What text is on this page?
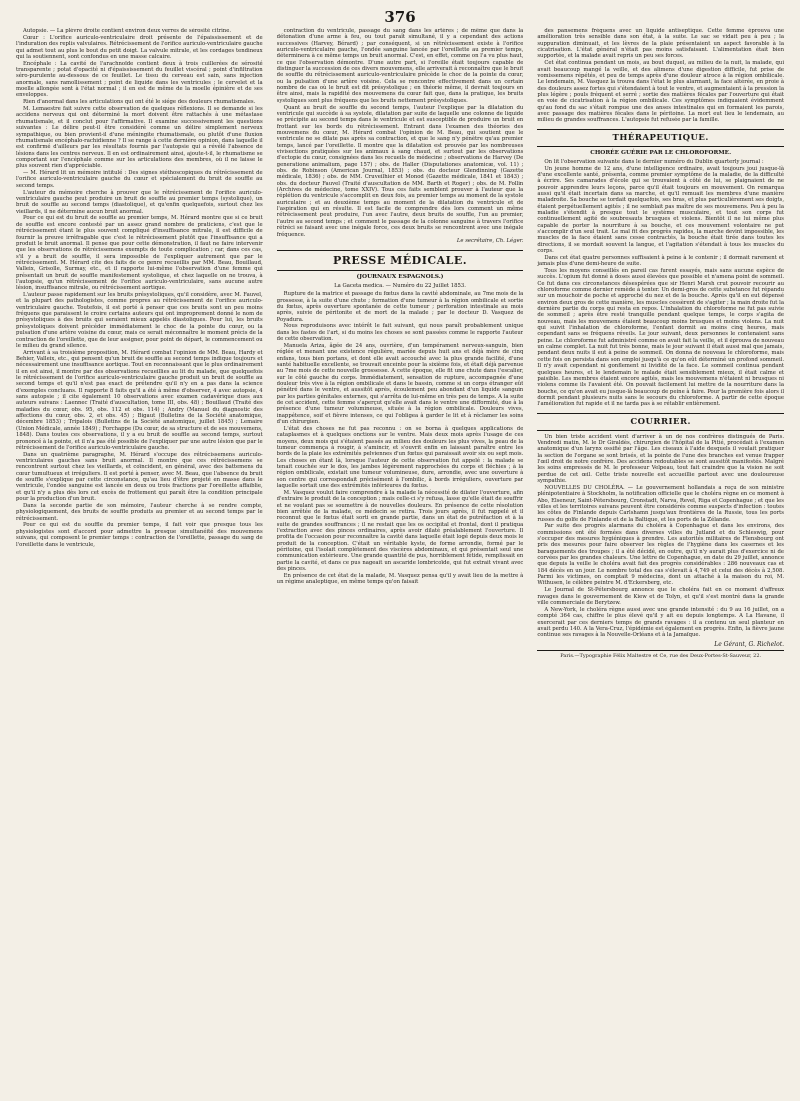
376

Autopsie. — La plèvre droite contient environ deux verres de sérosité citrine.

Cœur : L'orifice auriculo-ventriculaire droit présente de l'épaississement et de l'induration des replis valvulaires. Rétrécissement de l'orifice auriculo-ventriculaire gauche qui admet tout au plus le bout du petit doigt. La valvule mitrale, et les cordages tendineux qui la soutiennent, sont confondus en une masse calcaire.

Encéphale : La cavité de l'arachnoïde contient deux à trois cuillerées de sérosité transparente ; potat d'opacité ni d'épaississement du feuillet viscéral ; point d'infiltration séro-purulente au-dessous de ce feuillet. Le tissu du cerveau est sain, sans injection anormale, sans ramollissement ; point de liquide dans les ventricules ; le cervelet et la moelle allongée sont à l'état normal ; il en est de même de la moelle épinière et de ses enveloppes.

Rien d'anormal dans les articulations qui ont été le siége des douleurs rhumatismales.

M. Lemaestre fait suivre cette observation de quelques réflexions. Il se demande si les accidens nerveux qui ont déterminé la mort doivent être rattachés à une métastase rhumatismale, et il conclut pour l'affirmative. Il examine successivement les questions suivantes : Le délire peut-il être considéré comme un délire simplement nerveux sympathique, ou bien provient-il d'une méningite rhumatismale, ou plutôt d'une fluxion rhumatismale encéphalo-rachidienne ? Il se range à cette dernière opinion, dans laquelle il est confirmé d'ailleurs par les résultats fournis par l'autopsie qui a révélé l'absence de lésions dans les centres nerveux. Il en est ordinairement ainsi, ajoute-t-il, le rhumatisme se comportant sur l'encéphale comme sur les articulations des membres, où il ne laisse le plus souvent rien d'appréciable.

— M. Hérard lit un mémoire intitulé : Des signes stéthoscopiques du rétrécissement de l'orifice auriculo-ventriculaire gauche du cœur et spécialement du bruit de souffle au second temps.

L'auteur du mémoire cherche à prouver que le rétrécissement de l'orifice auriculo-ventriculaire gauche peut produire un bruit de souffle au premier temps (systolique), un bruit de souffle au second temps (diastolique), et qu'enfin quelquefois, surtout chez les vieillards, il ne détermine aucun bruit anormal.

Pour ce qui est du bruit de souffle au premier temps, M. Hérard montre que si ce bruit de souffle est encore contesté par un assez grand nombre de praticiens, c'est que le rétrécissement étant le plus souvent compliqué d'insuffisance mitrale, il est difficile de fournir la preuve irréfragable que c'est le rétrécissement plutôt que l'insuffisance qui a produit le bruit anormal. Il pense que pour cette démonstration, il faut ne faire intervenir que les observations de rétrécissemens exempts de toute complication ; car, dans ces cas, s'il y a bruit de souffle, il sera impossible de l'expliquer autrement que par le rétrécissement. M. Hérard cite des faits de ce genre recueillis par MM. Beau, Bouillaud, Valleix, Grisolle, Surmay, etc., et il rapporte lui-même l'observation d'une femme qui présentait un bruit de souffle manifestement systolique, et chez laquelle on ne trouva, à l'autopsie, qu'un rétrécissement de l'orifice auriculo-ventriculaire, sans aucune autre lésion, insuffisance mitrale, ou rétrécissement aortique.

L'auteur passe rapidement sur les bruits présystoliques, qu'il considère, avec M. Fauvel, et la plupart des pathologistes, comme propres au rétrécissement de l'orifice auriculo-ventriculaire gauche. Toutefois, il est porté à penser que ces bruits sont un peu moins fréquens que paraissent le croire certains auteurs qui ont improprement donné le nom de présystoliques à des bruits qui seraient mieux appelés diastoliques. Pour lui, les bruits présystoliques doivent précéder immédiatement le choc de la pointe du cœur, ou la pulsation d'une artère voisine du cœur, mais ce serait méconnaître le moment précis de la contraction de l'oreillette, que de leur assigner, pour point de départ, le commencement ou le milieu du grand silence.

Arrivant à sa troisième proposition, M. Hérard combat l'opinion de MM. Beau, Hardy et Behier, Valleix, etc., qui pensent qu'un bruit de souffle au second temps indique toujours et nécessairement une insuffisance aortique. Tout en reconnaissant que le plus ordinairement il en est ainsi, il montre par des observations recueillies au lit du malade, que quelquefois le rétrécissement de l'orifice auriculo-ventriculaire gauche produit un bruit de souffle au second temps et qu'il n'est pas exact de prétendre qu'il n'y en a pas dans la science d'exemples concluans. Il rapporte 8 faits qu'il a été à même d'observer, 4 avec autopsie, 4 sans autopsie ; il cite également 10 observations avec examen cadavérique dues aux auteurs suivans : Laennec (Traité d'auscultation, tome III, obs. 48) ; Bouillaud (Traité des maladies du cœur, obs. 95, obs. 112 et obs. 114) ; Andry (Manuel du diagnostic des affections du cœur, obs. 2, et obs. 45) ; Bigaut (Bulletins de la Société anatomique, décembre 1853) ; Tripalois (Bulletins de la Société anatomique, juillet 1845) ; Lemaire (Union Médicale, année 1849) ; Forchappe (Du cœur, de sa structure et de ses mouvemens, 1848). Dans toutes ces observations, il y a eu bruit de souffle au second temps, surtout prononcé à la pointe, et il n'a pas été possible de l'expliquer par une autre lésion que par le rétrécissement de l'orifice auriculo-ventriculaire gauche.

Dans un quatrième paragraphe, M. Hérard s'occupe des rétrécissemens auriculo-ventriculaires gauches sans bruit anormal. Il montre que ces rétrécissemens se rencontrent surtout chez les vieillards, et coïncident, en général, avec des battemens du cœur tumultueux et irréguliers. Il est porté à penser, avec M. Beau, que l'absence du bruit de souffle s'explique par cette circonstance, qu'au lieu d'être projeté en masse dans le ventricule, l'ondée sanguine est lancée en deux ou trois fractions par l'oreillette affaiblie, et qu'il n'y a plus dès lors cet excès de frottement qui paraît être la condition principale pour la production d'un bruit.

Dans la seconde partie de son mémoire, l'auteur cherche à se rendre compte, physiologiquement, des bruits de souffle produits au premier et au second temps par le rétrécissement.

Pour ce qui est du souffle du premier temps, il fait voir que presque tous les physiologistes sont d'accord pour admettre la presque simultanéité des mouvemens suivans, qui composent le premier temps : contraction de l'oreillette, passage du sang de l'oreillette dans le ventricule,

contraction du ventricule, passage du sang dans les artères ; de même que dans la détonation d'une arme à feu, ou tout paraît simultané, il y a cependant des actions successives (Harvey, Bérard) ; par conséquent, si un rétrécissement existe à l'orifice auriculo-ventriculaire gauche, l'ondée sanguine lancée par l'oreillette au premier temps, déterminera à ce même temps un bruit anormal. C'est, en effet, comme on l'a vu plus haut, ce que l'observation démontre. D'une autre part, si l'oreille était toujours capable de distinguer la succession de ces divers mouvemens, elle arriverait à reconnaître que le bruit de souffle du rétrécissement auriculo-ventriculaire précède le choc de la pointe du cœur, ou la pulsation d'une artère voisine. Cela se rencontre effectivement dans un certain nombre de cas où le bruit est dit présystolique ; en théorie même, il devrait toujours en être ainsi, mais la rapidité des mouvemens du cœur fait que, dans la pratique, les bruits systoliques sont plus fréquens que les bruits nettement présystoliques.

Quant au bruit de souffle du second temps, l'auteur l'explique par la dilatation du ventricule qui succède à sa systole, dilatation par suite de laquelle une colonne de liquide se précipite au second temps dans le ventricule et est susceptible de produire un bruit en frottant sur les bords du rétrécissement. Entrant dans l'examen des théories des mouvemens du cœur, M. Hérard combat l'opinion de M. Beau, qui soutient que le ventricule ne se dilate pas après sa contraction, et que le sang n'y pénètre qu'au premier temps, lancé par l'oreillette. Il montre que la dilatation est prouvée par les nombreuses vivisections pratiquées sur les animaux à sang chaud, et surtout par les observations d'ectopie du cœur, consignées dans les recueils de médecine ; observations de Harvey (De generatione animalium, page 157) ; obs. de Haller (Disputationes anatomicæ, vol. 11) ; obs. de Robinson (American Journal, 1853) ; obs. du docteur Glendinning (Gazette médicale, 1836) ; obs. de MM. Cruveilhier et Monod (Gazette médicale, 1841 et 1843) ; obs. du docteur Fauvel (Traité d'auscultation de MM. Barth et Roger) ; obs. de M. Follin (Archives de médecine, tome XXIV). Tous ces faits semblent prouver à l'auteur que la réplétion du ventricule s'accomplit en deux fois, au premier temps au moment de la systole auriculaire ; et au deuxième temps au moment de la dilatation du ventricule et de l'aspiration qui en résulte. Il est facile de comprendre dès lors comment un même rétrécissement peut produire, l'un avec l'autre, deux bruits de souffle, l'un au premier, l'autre au second temps ; et comment le passage de la colonne sanguine à travers l'orifice rétréci se faisant avec une inégale force, ces deux bruits se rencontrent avec une inégale fréquence.

Le secrétaire, Ch. Léger.

PRESSE MÉDICALE.
(JOURNAUX ESPAGNOLS.)
La Gaceta medica. — Numéro du 22 Juillet 1853.

Rupture de la matrice et passage du fœtus dans la cavité abdominale, au 7me mois de la grossesse, à la suite d'une chute ; formation d'une tumeur à la région ombilicale et sortie du fœtus, après ouverture spontanée de cette tumeur ; perforation intestinale au mois après, suivie de péritonite et de mort de la malade ; par le docteur D. Vasquez de Poyadura.

Nous reproduisons avec intérêt le fait suivant, qui nous paraît probablement unique dans les fastes de l'art, si du moins les choses se sont passées comme le rapporte l'auteur de cette observation.

Manuela Ariza, âgée de 24 ans, ouvrière, d'un tempérament nerveux-sanguin, bien réglée et menant une existence régulière, mariée depuis huit ans et déjà mère de cinq enfans, tous bien portans, et dont elle avait accouché avec la plus grande facilité, d'une santé habituelle excellente, se trouvait enceinte pour la sixième fois, et était déjà parvenue au 7me mois de cette nouvelle grossesse. A cette époque, elle fit une chute dans l'escalier, sur le côté gauche du corps. Immédiatement, sensation de rupture, accompagnée d'une douleur très vive à la région ombilicale et dans le bassin, comme si un corps étranger eût pénétré dans le ventre, et aussitôt après, écoulement peu abondant d'un liquide sanguin par les parties génitales externes, qui s'arrêta de lui-même en très peu de temps. A la suite de cet accident, cette femme s'aperçut qu'elle avait dans le ventre une difformité, due à la présence d'une tumeur volumineuse, située à la région ombilicale. Douleurs vives, inappétence, soif et fièvre intenses, ce qui l'obligea à garder le lit et à réclamer les soins d'un chirurgien.

L'état des choses ne fut pas reconnu : on se borna à quelques applications de cataplasmes et à quelques onctions sur le ventre. Mais deux mois après l'usage de ces moyens, deux mois qui s'étaient passés au milieu des douleurs les plus vives, la peau de la tumeur commença à rougir, à s'amincir, et s'ouvrit enfin en laissant paraître entre les bords de la plaie les extrémités pelviennes d'un fœtus qui paraissait avoir six ou sept mois. Les choses en étant là, lorsque l'auteur de cette observation fut appelé : la malade se tenait couchée sur le dos, les jambes légèrement rapprochées du corps et fléchies ; à la région ombilicale, existait une tumeur volumineuse, dure, arrondie, avec une ouverture à son centre qui correspondait précisément à l'ombilic, à bords irréguliers, ouverture par laquelle sortait une des extrémités inférieures du fœtus.

M. Vasquez voulut faire comprendre à la malade la nécessité de dilater l'ouverture, afin d'extraire le produit de la conception ; mais celle-ci s'y refusa, lasse qu'elle était de souffrir et ne voulant pas se soumettre à de nouvelles douleurs. En présence de cette résolution bien arrêtée de la malade, ce médecin se retira. Trois jours après, il fut rappelé et il reconnut que le fœtus était sorti en grande partie, dans un état de putréfaction et à la suite de grandes souffrances ; il ne restait que les os occipital et frontal, dont il pratiqua l'extraction avec des pinces ordinaires, après avoir dilaté préalablement l'ouverture. Il profita de l'occasion pour reconnaître la cavité dans laquelle était logé depuis deux mois le produit de la conception. C'était un véritable kyste, de forme arrondie, formé par le péritoine, qui l'isolait complètement des viscères abdominaux, et qui présentait seul une communication extérieure. Une grande quantité de pus, horriblement fétide, remplissait en partie la cavité, et dans ce pus nageait un ascaride lombricoïde, qui fut extrait vivant avec des pinces.

En présence de cet état de la malade, M. Vasquez pensa qu'il y avait lieu de la mettre à un régime analeptique, en même temps qu'on faisait

des pansemens fréquens avec un liquide antiseptique. Cette femme éprouva une amélioration très sensible dans son état, à la suite. Le sac se vidait peu à peu ; la suppuration diminuait, et les lèvres de la plaie présentaient un aspect favorable à la cicatrisation. L'état général n'était pas moins satisfaisant. L'alimentation était bien supportée, et la malade avait repris un peu ses forces.

Cet état continua pendant un mois, au bout duquel, au milieu de la nuit, la malade, qui avait beaucoup mangé la veille, et des alimens d'une digestion difficile, fut prise de vomissemens répétés, et peu de temps après d'une douleur atroce à la région ombilicale. Le lendemain, M. Vasquez la trouva dans l'état le plus alarmant, la face altérée, en proie à des douleurs assez fortes qui s'étendaient à tout le ventre, et augmentaient à la pression la plus légère ; pouls fréquent et serré ; sortie des matières fécales par l'ouverture qui était en voie de cicatrisation à la région ombilicale. Ces symptômes indiquaient évidemment qu'au fond du sac s'était rompue une des anses intestinales qui en formaient les parois, avec passage des matières fécales dans le péritoine. La mort eut lieu le lendemain, au milieu de grandes souffrances. L'autopsie fut refusée par la famille.

THÉRAPEUTIQUE.
CHORÉE GUÉRIE PAR LE CHLOROFORME.

On lit l'observation suivante dans le dernier numéro du Dublin quarterly journal :

Un jeune homme de 12 ans, d'une intelligence ordinaire, avait toujours joui jusque-là d'une excellente santé, présenta, comme premier symptôme de la maladie, de la difficulté à écrire. Ses camarades d'école qui se trouvaient à côté de lui, se plaignaient de ne pouvoir apprendre leurs leçons, parce qu'il était toujours en mouvement. On remarqua aussi qu'il était incertain dans sa marche, et qu'il remuait les membres d'une manière maladroite. Sa bouche se tordait quelquefois, ses bras, et plus particulièrement ses doigts, étaient perpétuellement agités ; il ne semblait pas maître de ses mouvemens. Peu à peu la maladie s'étendit à presque tout le système musculaire, et tout son corps fut continuellement agité de soubresauts brusques et violens. Bientôt il ne lui même plus capable de porter la nourriture à sa bouche, et ces mouvement volontaire ne put s'accomplir d'un seul trait. Le mal fit des progrès rapides, la marche devint impossible, les muscles de la face étaient sans cesse contractés, la bouche était tirée dans toutes les directions, il se mordait souvent la langue, et l'agitation s'étendait à tous les muscles du corps.

Dans cet état quatre personnes suffisaient à peine à le contenir ; il dormait rarement et jamais plus d'une demi-heure de suite.

Tous les moyens conseillés en pareil cas furent essayés, mais sans aucune espèce de succès. L'opium fut donné à doses aussi élevées que possible et n'amena point de sommeil. Ce fut dans ces circonstances désespérées que sir Henri Marsh crut pouvoir recourir au chloroforme comme dernier remède à tenter. Un demi-gros de cette substance fut répandu sur un mouchoir de poche et approché du nez et de la bouche. Après qu'il en eut dépensé environ deux gros de cette manière, les muscles cessèrent de s'agiter ; la main droite fut la dernière partie du corps qui resta en repos. L'inhalation du chloroforme ne fut pas suivie de sommeil ; après être resté tranquille pendant quelque temps, le corps s'agita de nouveau, mais les mouvemens étaient beaucoup moins brusques et moins violens. La nuit qui suivit l'inhalation de chloroforme, l'enfant dormit au moins cinq heures, mais cependant sans se fréquens réveils. Le jour suivant, deux personnes le contenaient sans peine. Le chloroforme fut administré comme on avait fait la veille, et il éprouva de nouveau un calme complet. La nuit fut très bonne, mais le jour suivant il était aussi mal que jamais, pendant deux nuits il eut à peine de sommeil. On donna de nouveau le chloroforme, mais cette fois on persista dans son emploi jusqu'à ce qu'on eût déterminé un profond sommeil. Il n'y avait cependant ni gonflement ni lividité de la face. Le sommeil continua pendant quelques heures, et le lendemain le malade était sensiblement mieux, il était calme et paisible. Les membres étaient encore agités, mais les mouvemens n'étaient ni brusques ni violens comme ils l'avaient été. On pouvait facilement lui mettre de la nourriture dans la bouche, ce qu'on avait eu jusque-là beaucoup de peine à faire. Pour la première fois alors il dormit pendant plusieurs nuits sans le secours du chloroforme. A partir de cette époque l'amélioration fut rapide et il ne tarda pas à se rétablir entièrement.

COURRIER.

Un bien triste accident vient d'arriver à un de nos confrères distingués de Paris. Vendredi matin, M. le Dr Giraldès, chirurgien de l'hôpital de la Pitié, procédait à l'examen anatomique d'un larynx ossifié par l'âge. Les ciseaux à l'aide desquels il voulait pratiquer la section de l'organe se sont brisés, et la pointe de l'une des branches est venue frapper l'œil droit de notre confrère. Des accidens redoutables se sont aussitôt manifestés. Malgré les soins empressés de M. le professeur Velpeau, tout fait craindre que la vision ne soit perdue de cet œil. Cette triste nouvelle est accueillie partout avec une douloureuse sympathie.

NOUVELLES DU CHOLÉRA. — Le gouvernement hollandais a reçu de son ministre plénipotentiaire à Stockholm, la notification officielle que le choléra règne en ce moment à Abo, Elseneur, Saint-Pétersbourg, Cronstadt, Narva, Revel, Riga et Copenhague ; et que les villes et les territoires suivans peuvent être considérés comme suspects d'infection : toutes les côtes de Finlande depuis Carlshamn jusqu'aux frontières de la Russie, tous les ports russes du golfe de Finlande et de la Baltique, et les ports de la Zélande.

Par suite des progrès alarmans du choléra à Copenhague et dans les environs, des commissions ont été formées dans diverses villes du Jutland et du Schleswig, pour s'occuper des mesures hygiéniques à prendre. Les autorités militaires de Flensbourg ont pris des mesures pour faire observer les règles de l'hygiène dans les casernes et les baraquements des troupes ; il a été décidé, en outre, qu'il n'y aurait plus d'exercice ni de corvées par les grandes chaleurs. Une lettre de Copenhague, en date du 29 juillet, annonce que depuis la veille le choléra avait fait des progrès considérables : 286 nouveaux cas et 184 décès en un jour. Le nombre total des cas s'élevait à 4,749 et celui des décès à 2,508. Parmi les victimes, on comptait 9 médecins, dont un attaché à la maison du roi, M. Withusen, le célèbre peintre M. d'Eckersberg, etc.

Le Journal de St-Pétersbourg annonce que le choléra fait en ce moment d'affreux ravages dans le gouvernement de Kiew et de Tolyn, et qu'il s'est montré dans la grande ville commerciale de Berytzew.

A New-York, le choléra règne aussi avec une grande intensité : du 9 au 16 juillet, on a compté 364 cas, chiffre le plus élevé qu'il y ait eu depuis longtemps. A La Havane, il exercerait par ces derniers temps de grands ravages : il a contenu un seul planteur en avait perdu 140. A la Vera-Cruz, l'épidémie est également en progrès. Enfin, la fièvre jaune continue ses ravages à la Nouvelle-Orléans et à la Jamaïque.

Le Gérant, G. Richelot.
Paris.—Typographie Félix Maltestre et Ce, rue des Deux-Portes-St-Sauveur, 22.
